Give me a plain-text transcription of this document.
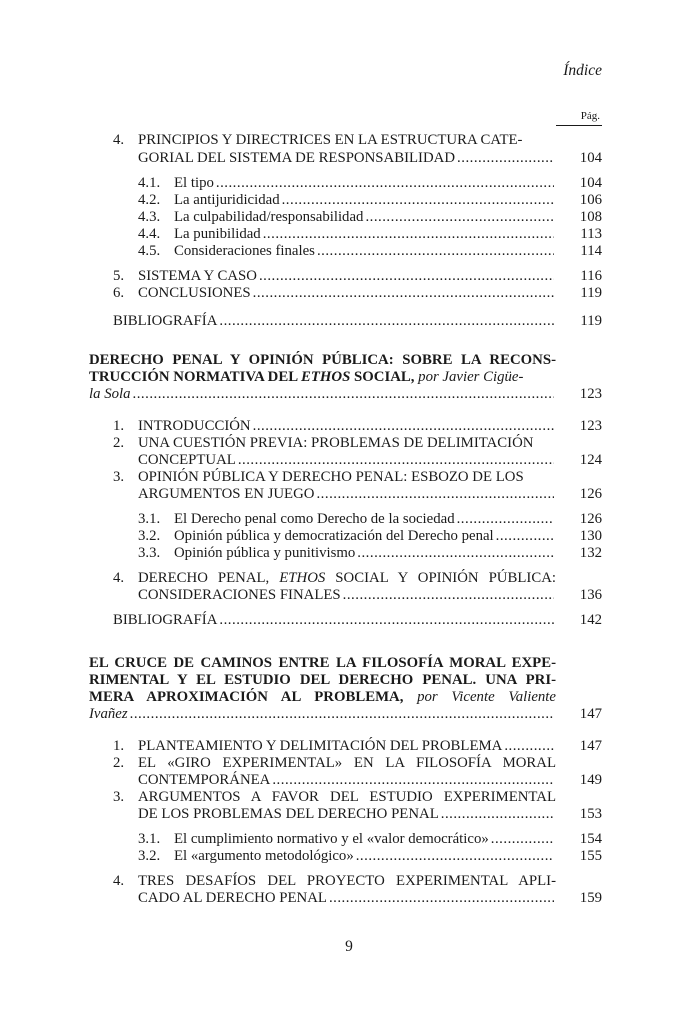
Índice
Pág.
4. PRINCIPIOS Y DIRECTRICES EN LA ESTRUCTURA CATE-
GORIAL DEL SISTEMA DE RESPONSABILIDAD .....	104
4.1. El tipo .....	104
4.2. La antijuridicidad .....	106
4.3. La culpabilidad/responsabilidad .....	108
4.4. La punibilidad .....	113
4.5. Consideraciones finales .....	114
5. SISTEMA Y CASO .....	116
6. CONCLUSIONES .....	119
BIBLIOGRAFÍA .....	119
DERECHO PENAL Y OPINIÓN PÚBLICA: SOBRE LA RECONS-
TRUCCIÓN NORMATIVA DEL ETHOS SOCIAL, por Javier Cigüe-
la Sola .....	123
1. INTRODUCCIÓN .....	123
2. UNA CUESTIÓN PREVIA: PROBLEMAS DE DELIMITACIÓN
CONCEPTUAL .....	124
3. OPINIÓN PÚBLICA Y DERECHO PENAL: ESBOZO DE LOS
ARGUMENTOS EN JUEGO .....	126
3.1. El Derecho penal como Derecho de la sociedad .....	126
3.2. Opinión pública y democratización del Derecho penal .....	130
3.3. Opinión pública y punitivismo .....	132
4. DERECHO PENAL, ETHOS SOCIAL Y OPINIÓN PÚBLICA:
CONSIDERACIONES FINALES .....	136
BIBLIOGRAFÍA .....	142
EL CRUCE DE CAMINOS ENTRE LA FILOSOFÍA MORAL EXPE-
RIMENTAL Y EL ESTUDIO DEL DERECHO PENAL. UNA PRI-
MERA APROXIMACIÓN AL PROBLEMA, por Vicente Valiente
Ivañez .....	147
1. PLANTEAMIENTO Y DELIMITACIÓN DEL PROBLEMA .....	147
2. EL «GIRO EXPERIMENTAL» EN LA FILOSOFÍA MORAL
CONTEMPORÁNEA .....	149
3. ARGUMENTOS A FAVOR DEL ESTUDIO EXPERIMENTAL
DE LOS PROBLEMAS DEL DERECHO PENAL .....	153
3.1. El cumplimiento normativo y el «valor democrático» .....	154
3.2. El «argumento metodológico» .....	155
4. TRES DESAFÍOS DEL PROYECTO EXPERIMENTAL APLI-
CADO AL DERECHO PENAL .....	159
9
